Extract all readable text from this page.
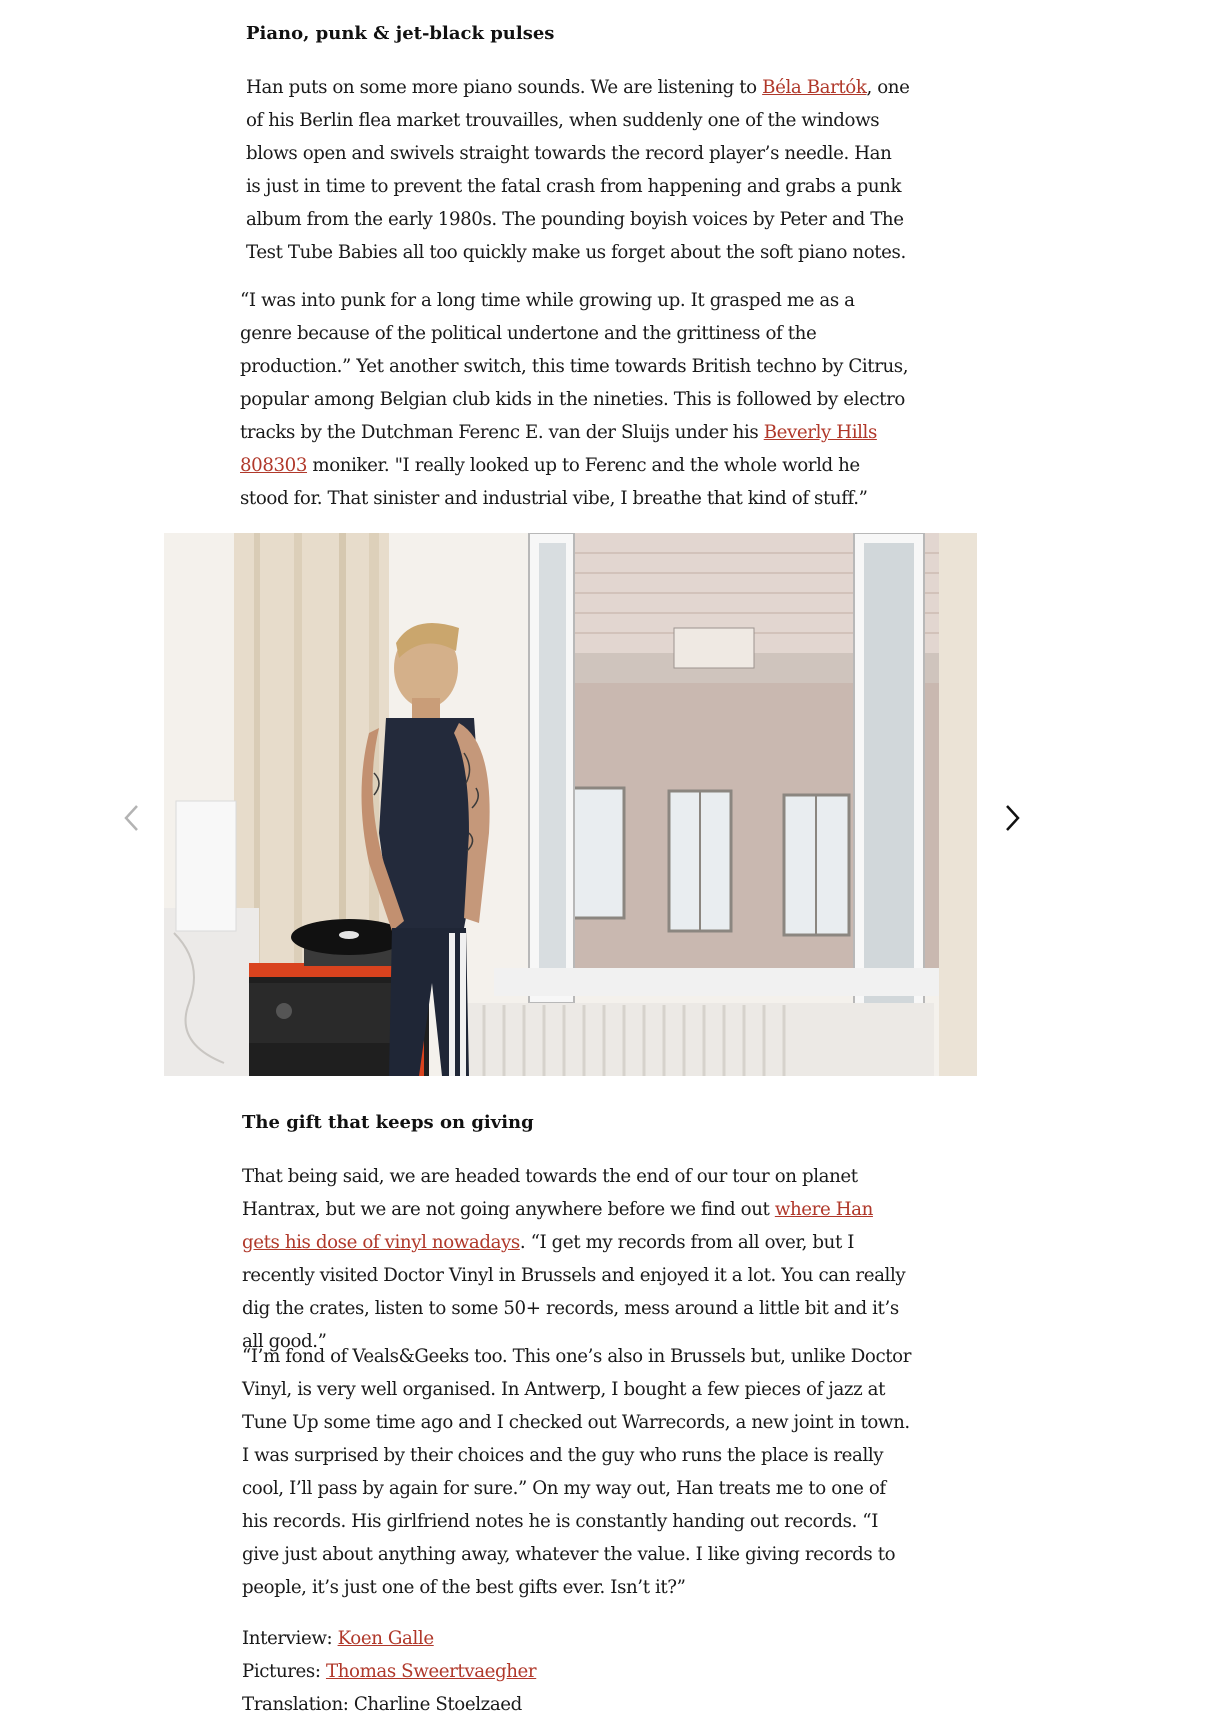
Piano, punk & jet-black pulses

Han puts on some more piano sounds. We are listening to Béla Bartók, one of his Berlin flea market trouvailles, when suddenly one of the windows blows open and swivels straight towards the record player’s needle. Han is just in time to prevent the fatal crash from happening and grabs a punk album from the early 1980s. The pounding boyish voices by Peter and The Test Tube Babies all too quickly make us forget about the soft piano notes.

“I was into punk for a long time while growing up. It grasped me as a genre because of the political undertone and the grittiness of the production.” Yet another switch, this time towards British techno by Citrus, popular among Belgian club kids in the nineties. This is followed by electro tracks by the Dutchman Ferenc E. van der Sluijs under his Beverly Hills 808303 moniker. "I really looked up to Ferenc and the whole world he stood for. That sinister and industrial vibe, I breathe that kind of stuff.”

The gift that keeps on giving

That being said, we are headed towards the end of our tour on planet Hantrax, but we are not going anywhere before we find out where Han gets his dose of vinyl nowadays. “I get my records from all over, but I recently visited Doctor Vinyl in Brussels and enjoyed it a lot. You can really dig the crates, listen to some 50+ records, mess around a little bit and it’s all good.”

“I’m fond of Veals&Geeks too. This one’s also in Brussels but, unlike Doctor Vinyl, is very well organised. In Antwerp, I bought a few pieces of jazz at Tune Up some time ago and I checked out Warrecords, a new joint in town. I was surprised by their choices and the guy who runs the place is really cool, I’ll pass by again for sure.” On my way out, Han treats me to one of his records. His girlfriend notes he is constantly handing out records. “I give just about anything away, whatever the value. I like giving records to people, it’s just one of the best gifts ever. Isn’t it?”

Interview: Koen Galle
Pictures: Thomas Sweertvaegher
Translation: Charline Stoelzaed
